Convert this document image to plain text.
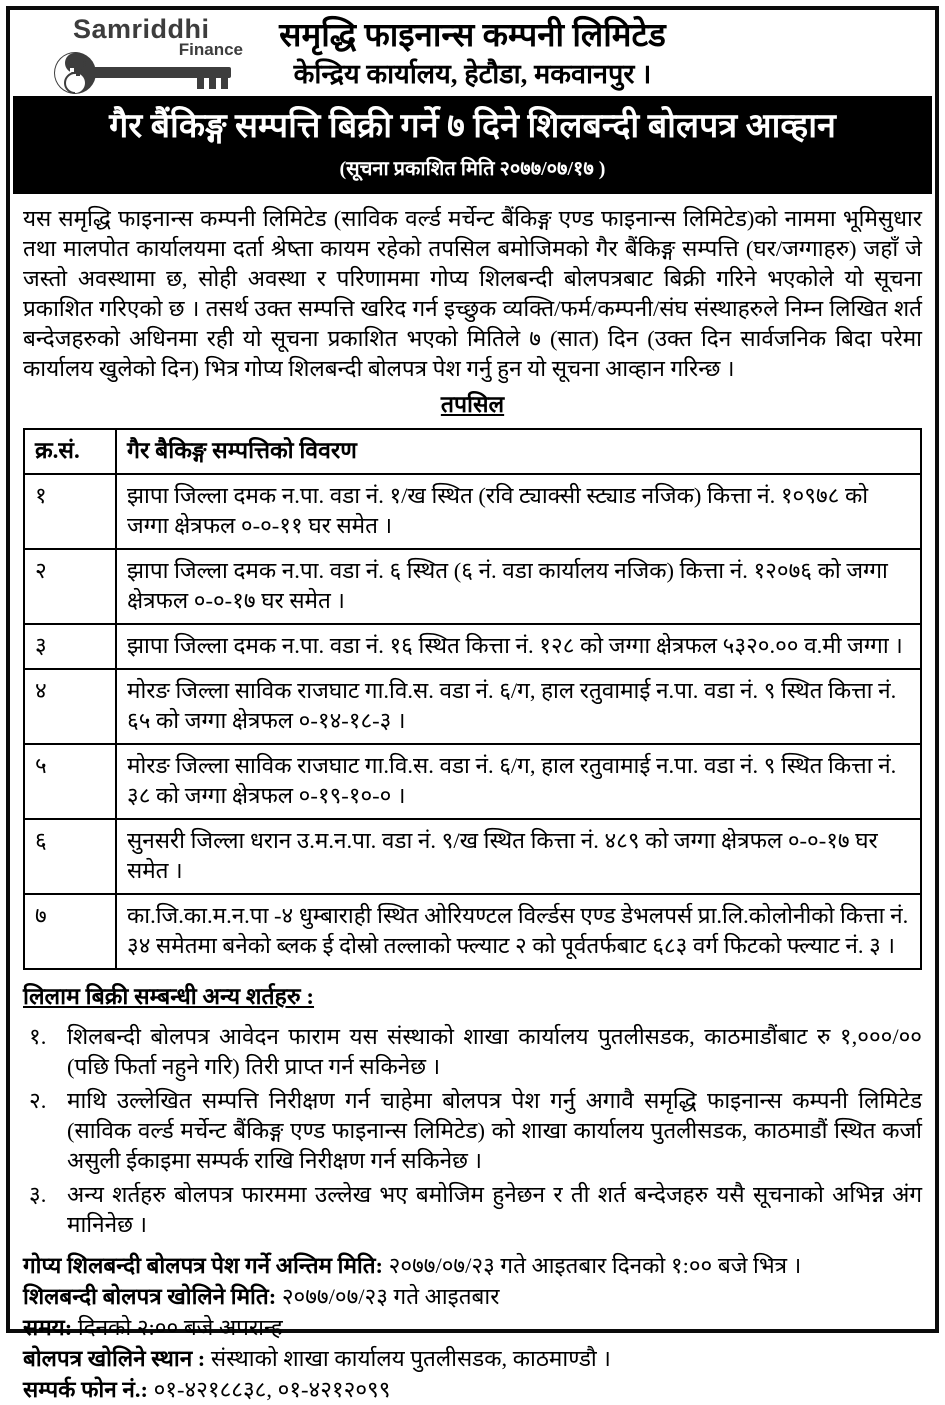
Samriddhi
Finance	समृद्धि फाइनान्स कम्पनी लिमिटेड
केन्द्रिय कार्यालय, हेटौडा, मकवानपुर ।
गैर बैंकिङ्ग सम्पत्ति बिक्री गर्ने ७ दिने शिलबन्दी बोलपत्र आव्हान
(सूचना प्रकाशित मिति २०७७/०७/१७ )

यस समृद्धि फाइनान्स कम्पनी लिमिटेड (साविक वर्ल्ड मर्चेन्ट बैंकिङ्ग एण्ड फाइनान्स लिमिटेड)को नाममा भूमिसुधार तथा मालपोत कार्यालयमा दर्ता श्रेष्ता कायम रहेको तपसिल बमोजिमको गैर बैंकिङ्ग सम्पत्ति (घर/जग्गाहरु) जहाँ जे जस्तो अवस्थामा छ, सोही अवस्था र परिणाममा गोप्य शिलबन्दी बोलपत्रबाट बिक्री गरिने भएकोले यो सूचना प्रकाशित गरिएको छ । तसर्थ उक्त सम्पत्ति खरिद गर्न इच्छुक व्यक्ति/फर्म/कम्पनी/संघ संस्थाहरुले निम्न लिखित शर्त बन्देजहरुको अधिनमा रही यो सूचना प्रकाशित भएको मितिले ७ (सात) दिन (उक्त दिन सार्वजनिक बिदा परेमा कार्यालय खुलेको दिन) भित्र गोप्य शिलबन्दी बोलपत्र पेश गर्नु हुन यो सूचना आव्हान गरिन्छ ।

तपसिल
क्र.सं.	गैर बैकिङ्ग सम्पत्तिको विवरण
१	झापा जिल्ला दमक न.पा. वडा नं. १/ख स्थित (रवि ट्याक्सी स्ट्याड नजिक) कित्ता नं. १०९७८ को जग्गा क्षेत्रफल ०-०-११ घर समेत ।
२	झापा जिल्ला दमक न.पा. वडा नं. ६ स्थित (६ नं. वडा कार्यालय नजिक) कित्ता नं. १२०७६ को जग्गा क्षेत्रफल ०-०-१७ घर समेत ।
३	झापा जिल्ला दमक न.पा. वडा नं. १६ स्थित कित्ता नं. १२८ को जग्गा क्षेत्रफल ५३२०.०० व.मी जग्गा ।
४	मोरङ जिल्ला साविक राजघाट गा.वि.स. वडा नं. ६/ग, हाल रतुवामाई न.पा. वडा नं. ९ स्थित कित्ता नं. ६५ को जग्गा क्षेत्रफल ०-१४-१८-३ ।
५	मोरङ जिल्ला साविक राजघाट गा.वि.स. वडा नं. ६/ग, हाल रतुवामाई न.पा. वडा नं. ९ स्थित कित्ता नं. ३८ को जग्गा क्षेत्रफल ०-१९-१०-० ।
६	सुनसरी जिल्ला धरान उ.म.न.पा. वडा नं. ९/ख स्थित कित्ता नं. ४८९ को जग्गा क्षेत्रफल ०-०-१७ घर समेत ।
७	का.जि.का.म.न.पा -४ धुम्बाराही स्थित ओरियण्टल विर्ल्डस एण्ड डेभलपर्स प्रा.लि.कोलोनीको कित्ता नं. ३४ समेतमा बनेको ब्लक ई दोस्रो तल्लाको फ्ल्याट २ को पूर्वतर्फबाट ६८३ वर्ग फिटको फ्ल्याट नं. ३ ।
लिलाम बिक्री सम्बन्धी अन्य शर्तहरु :
१. शिलबन्दी बोलपत्र आवेदन फाराम यस संस्थाको शाखा कार्यालय पुतलीसडक, काठमाडौंबाट रु १,०००/०० (पछि फिर्ता नहुने गरि) तिरी प्राप्त गर्न सकिनेछ ।
२. माथि उल्लेखित सम्पत्ति निरीक्षण गर्न चाहेमा बोलपत्र पेश गर्नु अगावै समृद्धि फाइनान्स कम्पनी लिमिटेड (साविक वर्ल्ड मर्चेन्ट बैंकिङ्ग एण्ड फाइनान्स लिमिटेड) को शाखा कार्यालय पुतलीसडक, काठमाडौं स्थित कर्जा असुली ईकाइमा सम्पर्क राखि निरीक्षण गर्न सकिनेछ ।
३. अन्य शर्तहरु बोलपत्र फारममा उल्लेख भए बमोजिम हुनेछन र ती शर्त बन्देजहरु यसै सूचनाको अभिन्न अंग मानिनेछ ।
गोप्य शिलबन्दी बोलपत्र पेश गर्ने अन्तिम मिति: २०७७/०७/२३ गते आइतबार दिनको १:०० बजे भित्र ।
शिलबन्दी बोलपत्र खोलिने मिति: २०७७/०७/२३ गते आइतबार
समय: दिनको २:०० बजे अपरान्ह
बोलपत्र खोलिने स्थान : संस्थाको शाखा कार्यालय पुतलीसडक, काठमाण्डौ ।
सम्पर्क फोन नं.: ०१-४२१८८३८, ०१-४२१२०९९
